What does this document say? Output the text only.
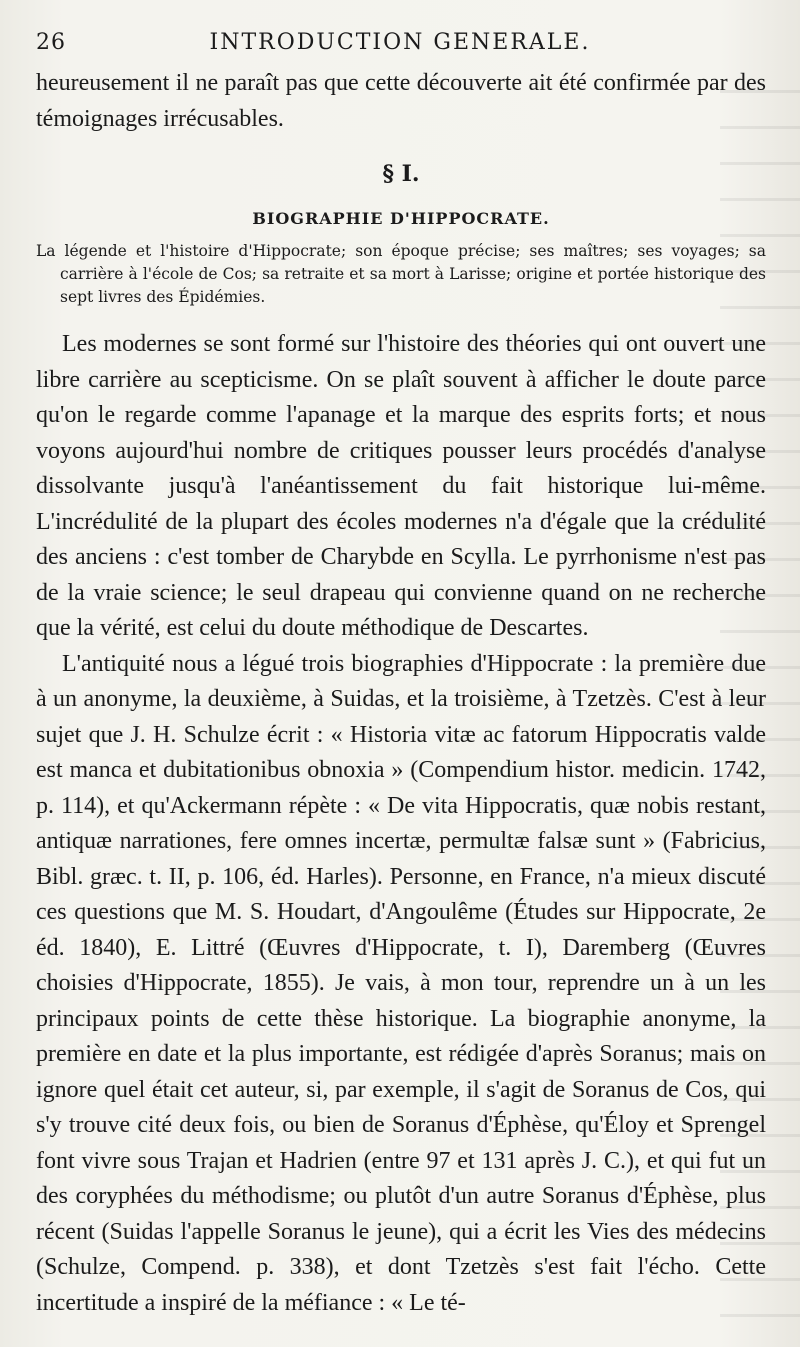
26	INTRODUCTION GENERALE.

heureusement il ne paraît pas que cette découverte ait été confirmée par des témoignages irrécusables.

§ I.
BIOGRAPHIE D'HIPPOCRATE.

La légende et l'histoire d'Hippocrate; son époque précise; ses maîtres; ses voyages; sa carrière à l'école de Cos; sa retraite et sa mort à Larisse; origine et portée historique des sept livres des Épidémies.

Les modernes se sont formé sur l'histoire des théories qui ont ouvert une libre carrière au scepticisme. On se plaît souvent à afficher le doute parce qu'on le regarde comme l'apanage et la marque des esprits forts; et nous voyons aujourd'hui nombre de critiques pousser leurs procédés d'analyse dissolvante jusqu'à l'anéantissement du fait historique lui-même. L'incrédulité de la plupart des écoles modernes n'a d'égale que la crédulité des anciens : c'est tomber de Charybde en Scylla. Le pyrrhonisme n'est pas de la vraie science; le seul drapeau qui convienne quand on ne recherche que la vérité, est celui du doute méthodique de Descartes.

L'antiquité nous a légué trois biographies d'Hippocrate : la première due à un anonyme, la deuxième, à Suidas, et la troisième, à Tzetzès. C'est à leur sujet que J. H. Schulze écrit : « Historia vitæ ac fatorum Hippocratis valde est manca et dubitationibus obnoxia » (Compendium histor. medicin. 1742, p. 114), et qu'Ackermann répète : « De vita Hippocratis, quæ nobis restant, antiquæ narrationes, fere omnes incertæ, permultæ falsæ sunt » (Fabricius, Bibl. græc. t. II, p. 106, éd. Harles). Personne, en France, n'a mieux discuté ces questions que M. S. Houdart, d'Angoulême (Études sur Hippocrate, 2e éd. 1840), E. Littré (Œuvres d'Hippocrate, t. I), Daremberg (Œuvres choisies d'Hippocrate, 1855). Je vais, à mon tour, reprendre un à un les principaux points de cette thèse historique. La biographie anonyme, la première en date et la plus importante, est rédigée d'après Soranus; mais on ignore quel était cet auteur, si, par exemple, il s'agit de Soranus de Cos, qui s'y trouve cité deux fois, ou bien de Soranus d'Éphèse, qu'Éloy et Sprengel font vivre sous Trajan et Hadrien (entre 97 et 131 après J. C.), et qui fut un des coryphées du méthodisme; ou plutôt d'un autre Soranus d'Éphèse, plus récent (Suidas l'appelle Soranus le jeune), qui a écrit les Vies des médecins (Schulze, Compend. p. 338), et dont Tzetzès s'est fait l'écho. Cette incertitude a inspiré de la méfiance : « Le té-
